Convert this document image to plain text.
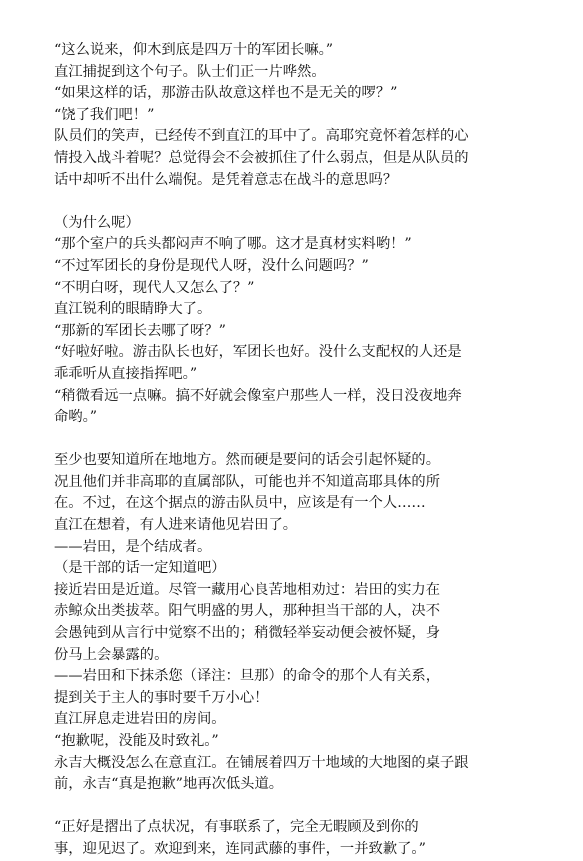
“这么说来，仰木到底是四万十的军团长嘛。”
直江捕捉到这个句子。队士们正一片哗然。
“如果这样的话，那游击队故意这样也不是无关的啰？”
“饶了我们吧！”
队员们的笑声，已经传不到直江的耳中了。高耶究竟怀着怎样的心
情投入战斗着呢？总觉得会不会被抓住了什么弱点，但是从队员的
话中却听不出什么端倪。是凭着意志在战斗的意思吗？
（为什么呢）
“那个室户的兵头都闷声不响了哪。这才是真材实料哟！”
“不过军团长的身份是现代人呀，没什么问题吗？”
“不明白呀，现代人又怎么了？”
直江锐利的眼睛睁大了。
“那新的军团长去哪了呀？”
“好啦好啦。游击队长也好，军团长也好。没什么支配权的人还是
乖乖听从直接指挥吧。”
“稍微看远一点嘛。搞不好就会像室户那些人一样，没日没夜地奔
命哟。”
至少也要知道所在地地方。然而硬是要问的话会引起怀疑的。
况且他们并非高耶的直属部队，可能也并不知道高耶具体的所
在。不过，在这个据点的游击队员中，应该是有一个人……
直江在想着，有人进来请他见岩田了。
——岩田，是个结成者。
（是干部的话一定知道吧）
接近岩田是近道。尽管一藏用心良苦地相劝过：岩田的实力在
赤鲸众出类拔萃。阳气明盛的男人，那种担当干部的人，决不
会愚钝到从言行中觉察不出的；稍微轻举妄动便会被怀疑，身
份马上会暴露的。
——岩田和下抹杀您（译注：旦那）的命令的那个人有关系，
提到关于主人的事时要千万小心！
直江屏息走进岩田的房间。
“抱歉呢，没能及时致礼。”
永吉大概没怎么在意直江。在铺展着四万十地域的大地图的桌子跟
前，永吉“真是抱歉”地再次低头道。
“正好是摺出了点状况，有事联系了，完全无暇顾及到你的
事，迎见迟了。欢迎到来，连同武藤的事件，一并致歉了。”
